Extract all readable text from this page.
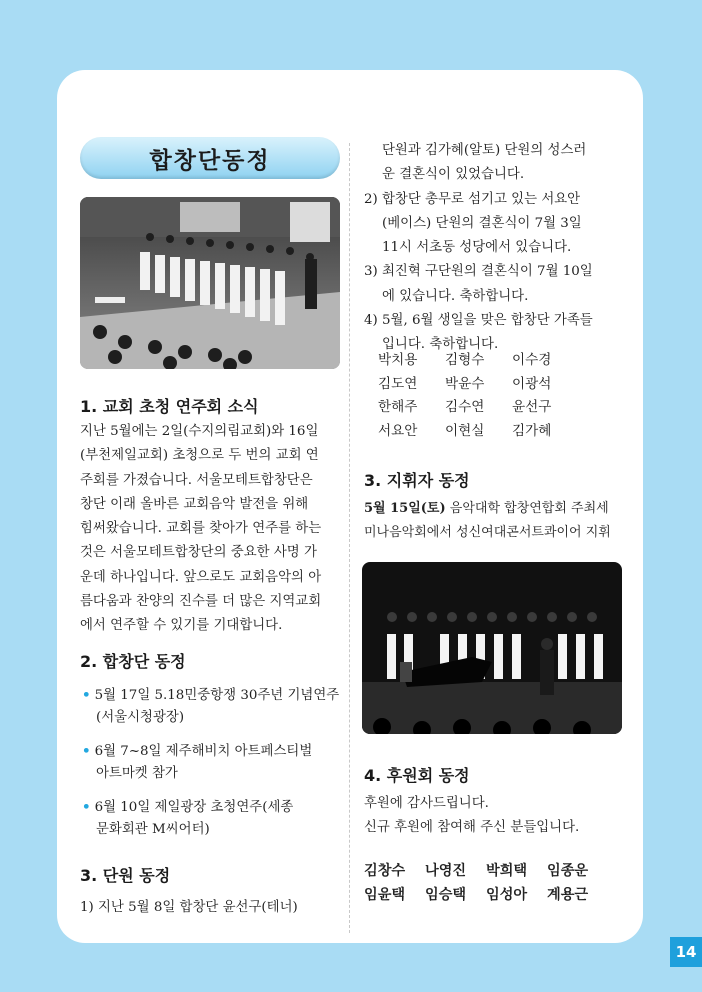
합창단동정
1. 교회 초청 연주회 소식

지난 5월에는 2일(수지의림교회)와 16일
(부천제일교회) 초청으로 두 번의 교회 연
주회를 가졌습니다. 서울모테트합창단은
창단 이래 올바른 교회음악 발전을 위해
힘써왔습니다. 교회를 찾아가 연주를 하는
것은 서울모테트합창단의 중요한 사명 가
운데 하나입니다. 앞으로도 교회음악의 아
름다움과 찬양의 진수를 더 많은 지역교회
에서 연주할 수 있기를 기대합니다.

2. 합창단 동정
• 5월 17일 5.18민중항쟁 30주년 기념연주
(서울시청광장)
• 6월 7~8일 제주해비치 아트페스티벌
아트마켓 참가
• 6월 10일 제일광장 초청연주(세종
문화회관 M씨어터)
3. 단원 동정

1) 지난 5월 8일 합창단 윤선구(테너)

단원과 김가혜(알토) 단원의 성스러
운 결혼식이 있었습니다.
2) 합창단 총무로 섬기고 있는 서요안
(베이스) 단원의 결혼식이 7월 3일
11시 서초동 성당에서 있습니다.
3) 최진혁 구단원의 결혼식이 7월 10일
에 있습니다. 축하합니다.
4) 5월, 6월 생일을 맞은 합창단 가족들
입니다. 축하합니다.

박치용 김형수 이수경
김도연 박윤수 이광석
한해주 김수연 윤선구
서요안 이현실 김가혜
3. 지휘자 동정

5월 15일(토) 음악대학 합창연합회 주최세
미나음악회에서 성신여대콘서트콰이어 지휘

4. 후원회 동정

후원에 감사드립니다.
신규 후원에 참여해 주신 분들입니다.

김창수 나영진 박희택 임종운
임윤택 임승택 임성아 계용근
14
